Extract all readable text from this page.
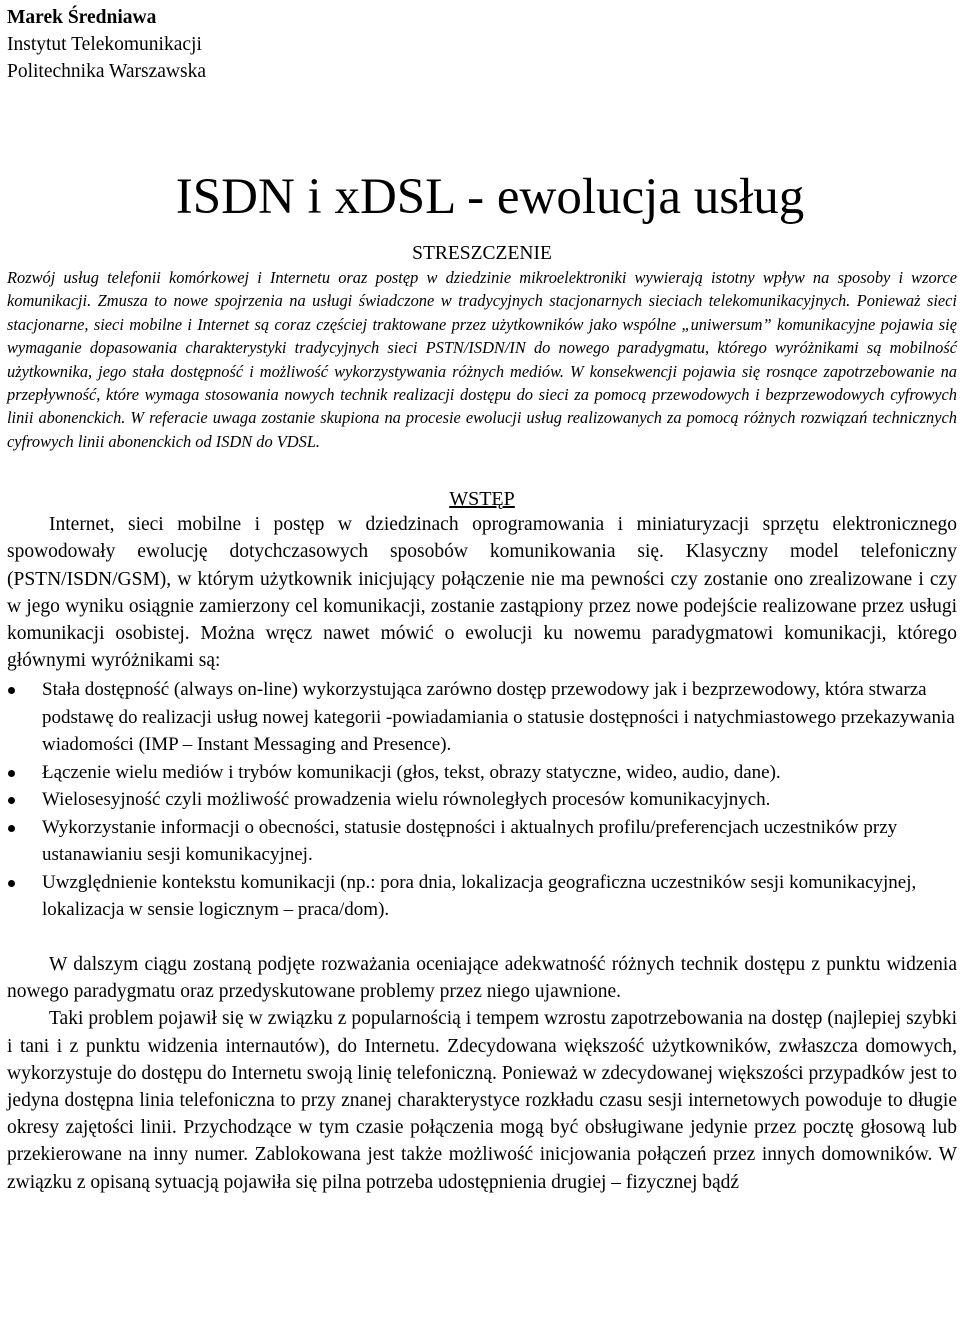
Marek Średniawa
Instytut Telekomunikacji
Politechnika Warszawska
ISDN i xDSL - ewolucja usług
STRESZCZENIE

Rozwój usług telefonii komórkowej i Internetu oraz postęp w dziedzinie mikroelektroniki wywierają istotny wpływ na sposoby i wzorce komunikacji. Zmusza to nowe spojrzenia na usługi świadczone w tradycyjnych stacjonarnych sieciach telekomunikacyjnych. Ponieważ sieci stacjonarne, sieci mobilne i Internet są coraz częściej traktowane przez użytkowników jako wspólne „uniwersum” komunikacyjne pojawia się wymaganie dopasowania charakterystyki tradycyjnych sieci PSTN/ISDN/IN do nowego paradygmatu, którego wyróżnikami są mobilność użytkownika, jego stała dostępność i możliwość wykorzystywania różnych mediów. W konsekwencji pojawia się rosnące zapotrzebowanie na przepływność, które wymaga stosowania nowych technik realizacji dostępu do sieci za pomocą przewodowych i bezprzewodowych cyfrowych linii abonenckich. W referacie uwaga zostanie skupiona na procesie ewolucji usług realizowanych za pomocą różnych rozwiązań technicznych cyfrowych linii abonenckich od ISDN do VDSL.

WSTĘP

Internet, sieci mobilne i postęp w dziedzinach oprogramowania i miniaturyzacji sprzętu elektronicznego spowodowały ewolucję dotychczasowych sposobów komunikowania się. Klasyczny model telefoniczny (PSTN/ISDN/GSM), w którym użytkownik inicjujący połączenie nie ma pewności czy zostanie ono zrealizowane i czy w jego wyniku osiągnie zamierzony cel komunikacji, zostanie zastąpiony przez nowe podejście realizowane przez usługi komunikacji osobistej. Można wręcz nawet mówić o ewolucji ku nowemu paradygmatowi komunikacji, którego głównymi wyróżnikami są:

Stała dostępność (always on-line) wykorzystująca zarówno dostęp przewodowy jak i bezprzewodowy, która stwarza podstawę do realizacji usług nowej kategorii -powiadamiania o statusie dostępności i natychmiastowego przekazywania wiadomości (IMP – Instant Messaging and Presence).
Łączenie wielu mediów i trybów komunikacji (głos, tekst, obrazy statyczne, wideo, audio, dane).
Wielosesyjność czyli możliwość prowadzenia wielu równoległych procesów komunikacyjnych.
Wykorzystanie informacji o obecności, statusie dostępności i aktualnych profilu/preferencjach uczestników przy ustanawianiu sesji komunikacyjnej.
Uwzględnienie kontekstu komunikacji (np.: pora dnia, lokalizacja geograficzna uczestników sesji komunikacyjnej, lokalizacja w sensie logicznym – praca/dom).

W dalszym ciągu zostaną podjęte rozważania oceniające adekwatność różnych technik dostępu z punktu widzenia nowego paradygmatu oraz przedyskutowane problemy przez niego ujawnione.

Taki problem pojawił się w związku z popularnością i tempem wzrostu zapotrzebowania na dostęp (najlepiej szybki i tani i z punktu widzenia internautów), do Internetu. Zdecydowana większość użytkowników, zwłaszcza domowych, wykorzystuje do dostępu do Internetu swoją linię telefoniczną. Ponieważ w zdecydowanej większości przypadków jest to jedyna dostępna linia telefoniczna to przy znanej charakterystyce rozkładu czasu sesji internetowych powoduje to długie okresy zajętości linii. Przychodzące w tym czasie połączenia mogą być obsługiwane jedynie przez pocztę głosową lub przekierowane na inny numer. Zablokowana jest także możliwość inicjowania połączeń przez innych domowników. W związku z opisaną sytuacją pojawiła się pilna potrzeba udostępnienia drugiej – fizycznej bądź
